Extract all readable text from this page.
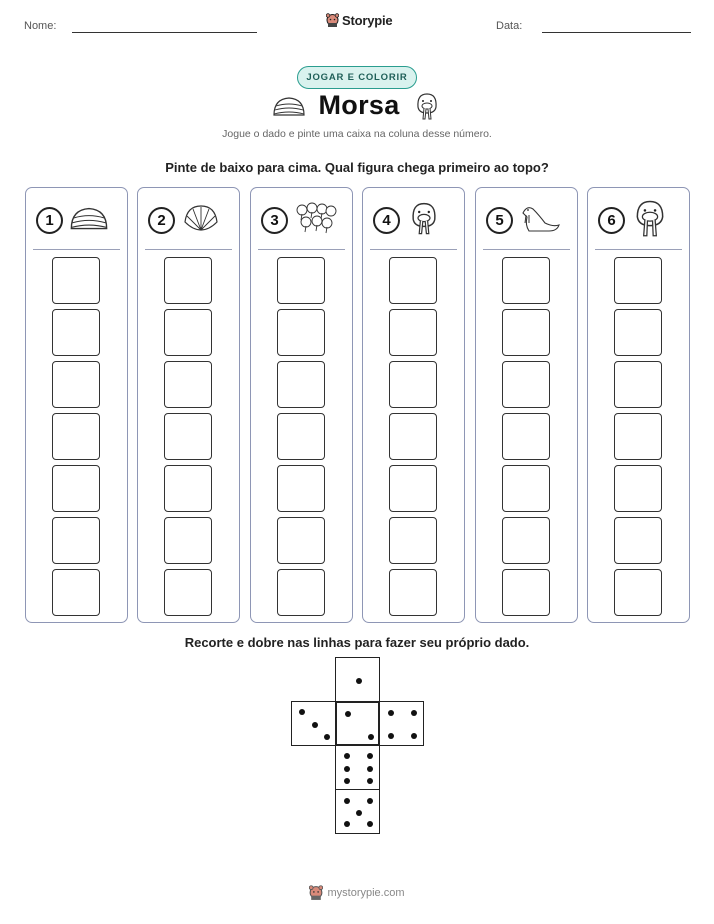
Nome:	Storypie	Data:
JOGAR E COLORIR
Morsa
Jogue o dado e pinte uma caixa na coluna desse número.
Pinte de baixo para cima. Qual figura chega primeiro ao topo?
1	2	3	4	5	6
Recorte e dobre nas linhas para fazer seu próprio dado.
mystorypie.com
